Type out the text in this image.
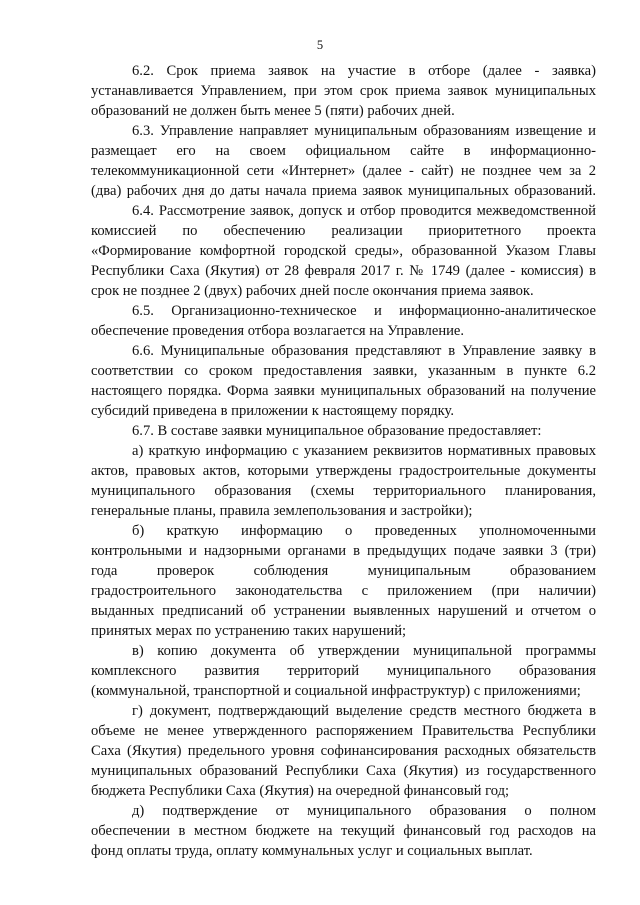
5
6.2. Срок приема заявок на участие в отборе (далее - заявка)
устанавливается Управлением, при этом срок приема заявок муниципальных
образований не должен быть менее 5 (пяти) рабочих дней.
6.3. Управление направляет муниципальным образованиям извещение и
размещает его на своем официальном сайте в информационно-
телекоммуникационной сети «Интернет» (далее - сайт) не позднее чем за 2
(два) рабочих дня до даты начала приема заявок муниципальных образований.
6.4. Рассмотрение заявок, допуск и отбор проводится межведомственной
комиссией по обеспечению реализации приоритетного проекта
«Формирование комфортной городской среды», образованной Указом Главы
Республики Саха (Якутия) от 28 февраля 2017 г. № 1749 (далее - комиссия) в
срок не позднее 2 (двух) рабочих дней после окончания приема заявок.
6.5. Организационно-техническое и информационно-аналитическое
обеспечение проведения отбора возлагается на Управление.
6.6. Муниципальные образования представляют в Управление заявку в
соответствии со сроком предоставления заявки, указанным в пункте 6.2
настоящего порядка. Форма заявки муниципальных образований на получение
субсидий приведена в приложении к настоящему порядку.
6.7. В составе заявки муниципальное образование предоставляет:
а) краткую информацию с указанием реквизитов нормативных правовых
актов, правовых актов, которыми утверждены градостроительные документы
муниципального образования (схемы территориального планирования,
генеральные планы, правила землепользования и застройки);
б) краткую информацию о проведенных уполномоченными
контрольными и надзорными органами в предыдущих подаче заявки 3 (три)
года проверок соблюдения муниципальным образованием
градостроительного законодательства с приложением (при наличии)
выданных предписаний об устранении выявленных нарушений и отчетом о
принятых мерах по устранению таких нарушений;
в) копию документа об утверждении муниципальной программы
комплексного развития территорий муниципального образования
(коммунальной, транспортной и социальной инфраструктур) с приложениями;
г) документ, подтверждающий выделение средств местного бюджета в
объеме не менее утвержденного распоряжением Правительства Республики
Саха (Якутия) предельного уровня софинансирования расходных обязательств
муниципальных образований Республики Саха (Якутия) из государственного
бюджета Республики Саха (Якутия) на очередной финансовый год;
д) подтверждение от муниципального образования о полном
обеспечении в местном бюджете на текущий финансовый год расходов на
фонд оплаты труда, оплату коммунальных услуг и социальных выплат.
